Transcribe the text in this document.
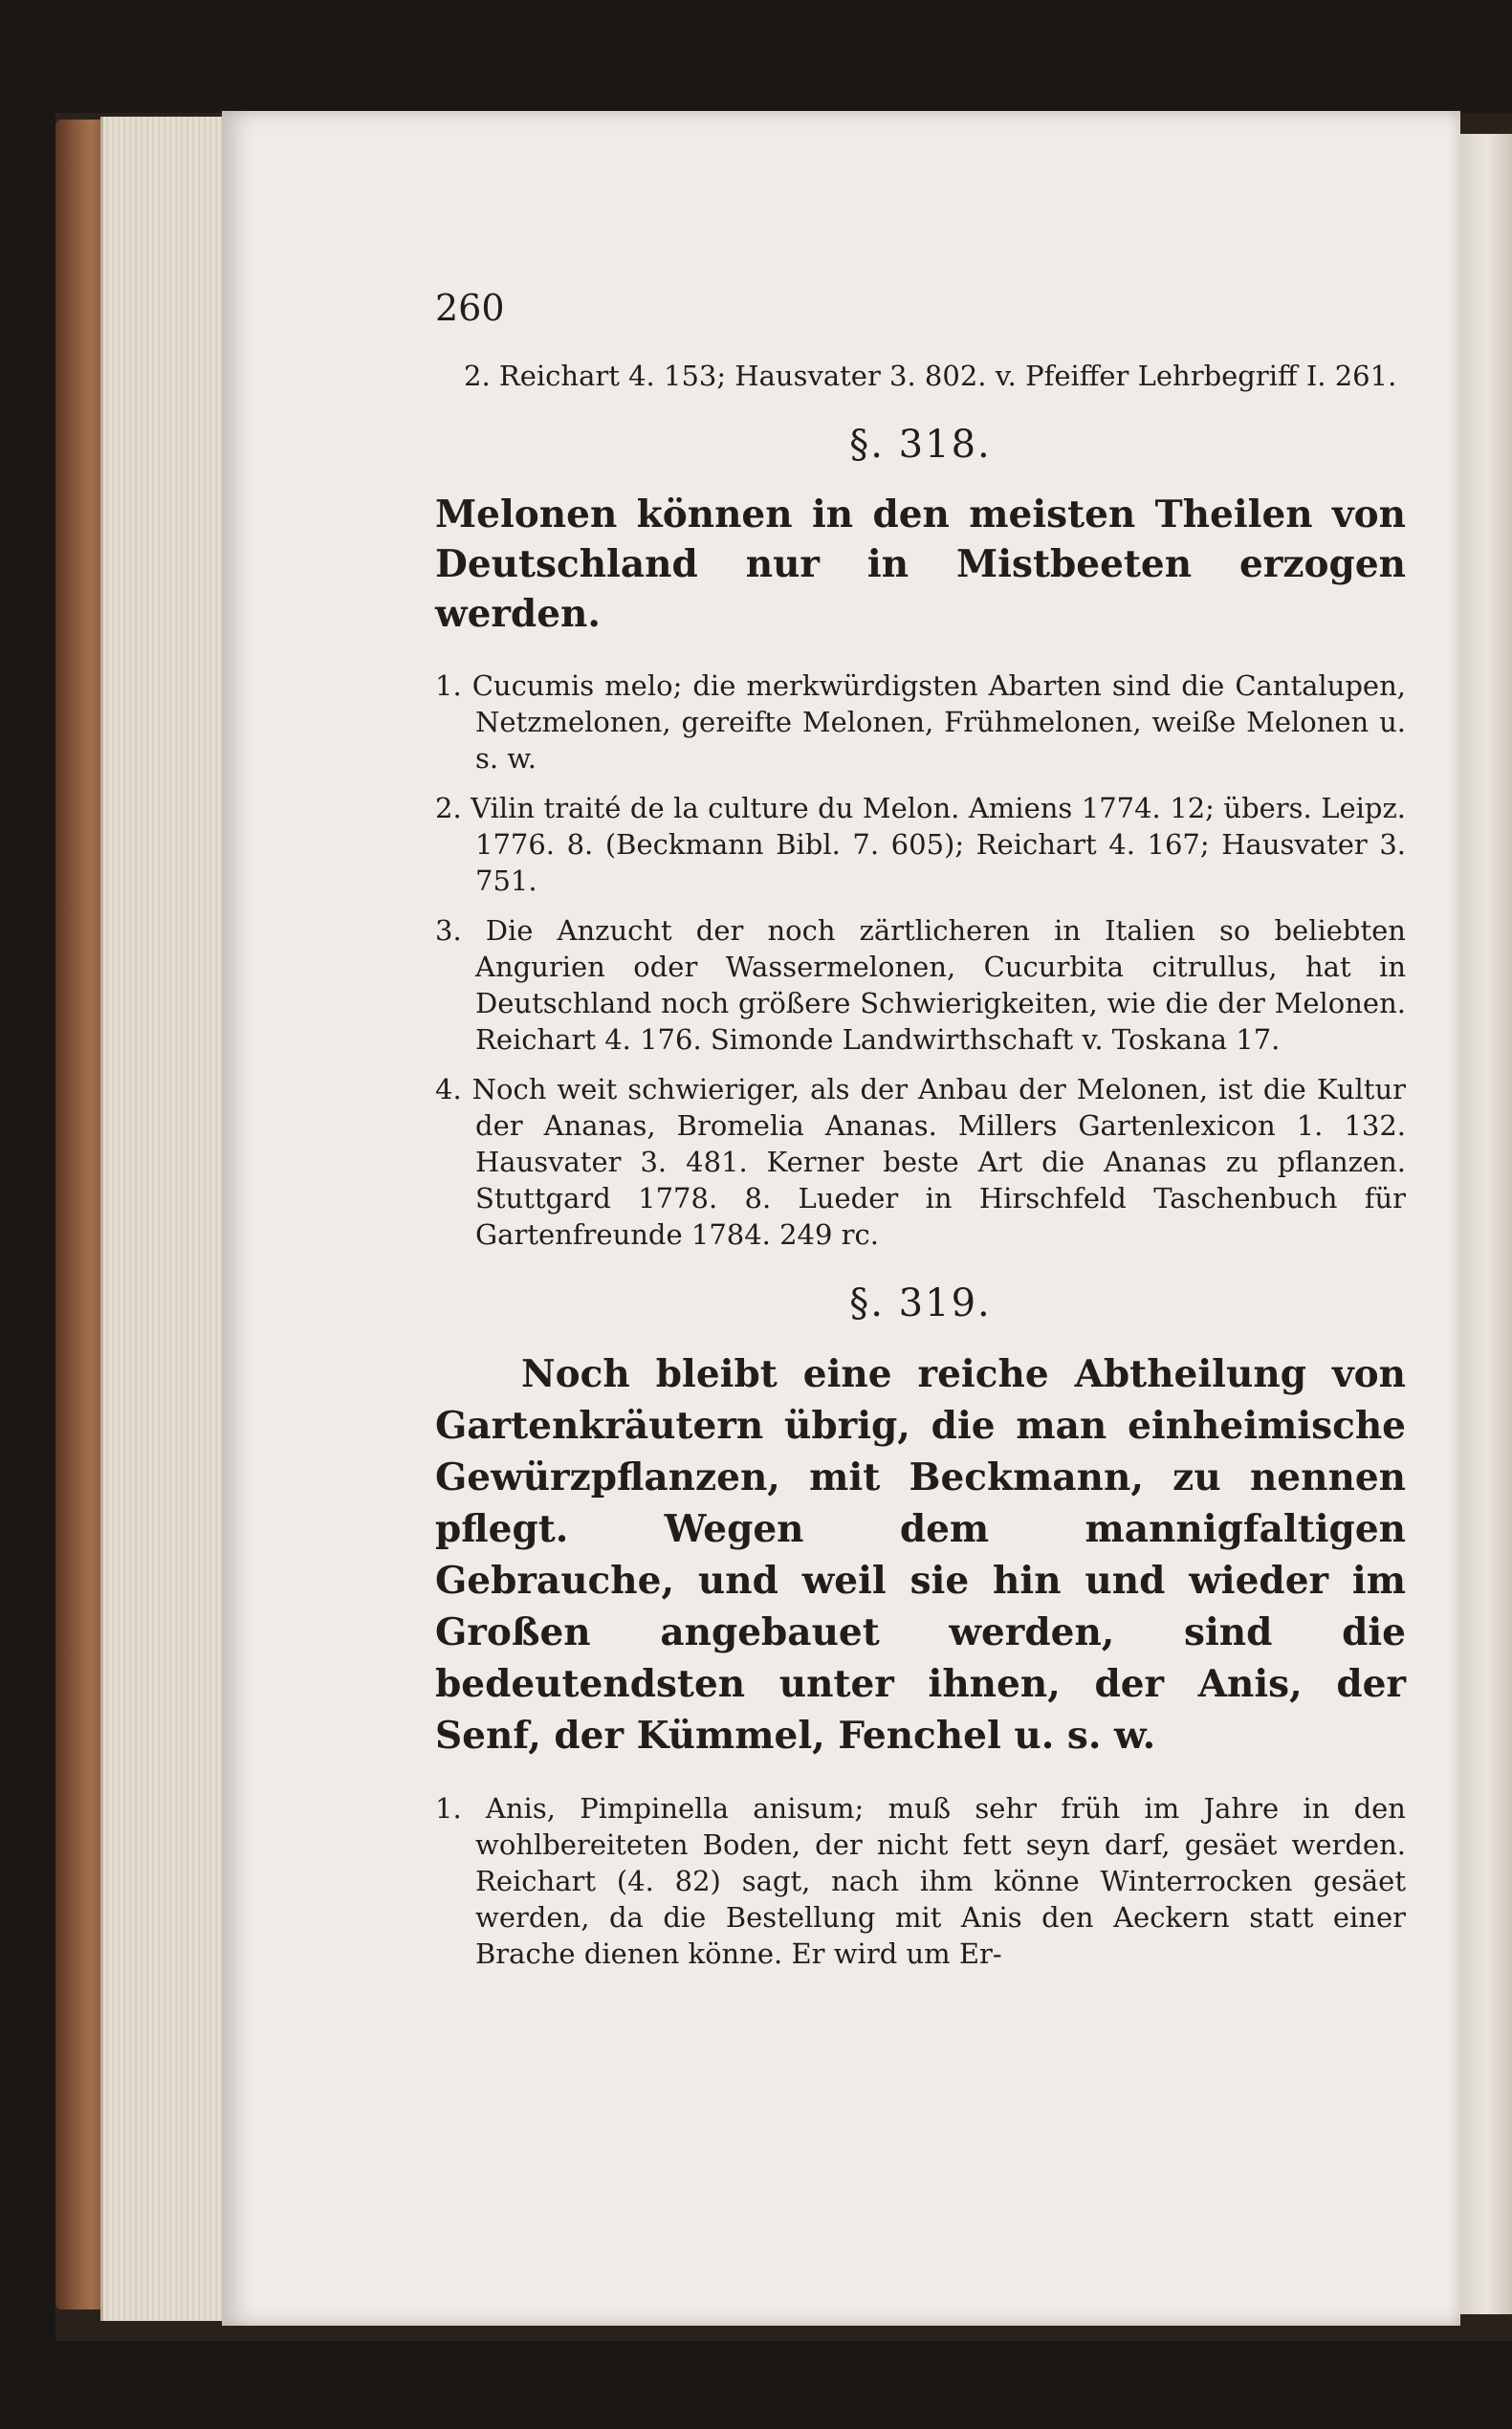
260

2. Reichart 4. 153; Hausvater 3. 802. v. Pfeiffer Lehrbegriff I. 261.

§. 318.

Melonen können in den meisten Theilen von Deutschland nur in Mistbeeten erzogen werden.

1. Cucumis melo; die merkwürdigsten Abarten sind die Cantalupen, Netzmelonen, gereifte Melonen, Frühmelonen, weiße Melonen u. s. w.

2. Vilin traité de la culture du Melon. Amiens 1774. 12; übers. Leipz. 1776. 8. (Beckmann Bibl. 7. 605); Reichart 4. 167; Hausvater 3. 751.

3. Die Anzucht der noch zärtlicheren in Italien so beliebten Angurien oder Wassermelonen, Cucurbita citrullus, hat in Deutschland noch größere Schwierigkeiten, wie die der Melonen. Reichart 4. 176. Simonde Landwirthschaft v. Toskana 17.

4. Noch weit schwieriger, als der Anbau der Melonen, ist die Kultur der Ananas, Bromelia Ananas. Millers Gartenlexicon 1. 132. Hausvater 3. 481. Kerner beste Art die Ananas zu pflanzen. Stuttgard 1778. 8. Lueder in Hirschfeld Taschenbuch für Gartenfreunde 1784. 249 rc.

§. 319.

Noch bleibt eine reiche Abtheilung von Gartenkräutern übrig, die man einheimische Gewürzpflanzen, mit Beckmann, zu nennen pflegt. Wegen dem mannigfaltigen Gebrauche, und weil sie hin und wieder im Großen angebauet werden, sind die bedeutendsten unter ihnen, der Anis, der Senf, der Kümmel, Fenchel u. s. w.

1. Anis, Pimpinella anisum; muß sehr früh im Jahre in den wohlbereiteten Boden, der nicht fett seyn darf, gesäet werden. Reichart (4. 82) sagt, nach ihm könne Winterrocken gesäet werden, da die Bestellung mit Anis den Aeckern statt einer Brache dienen könne. Er wird um Er-
